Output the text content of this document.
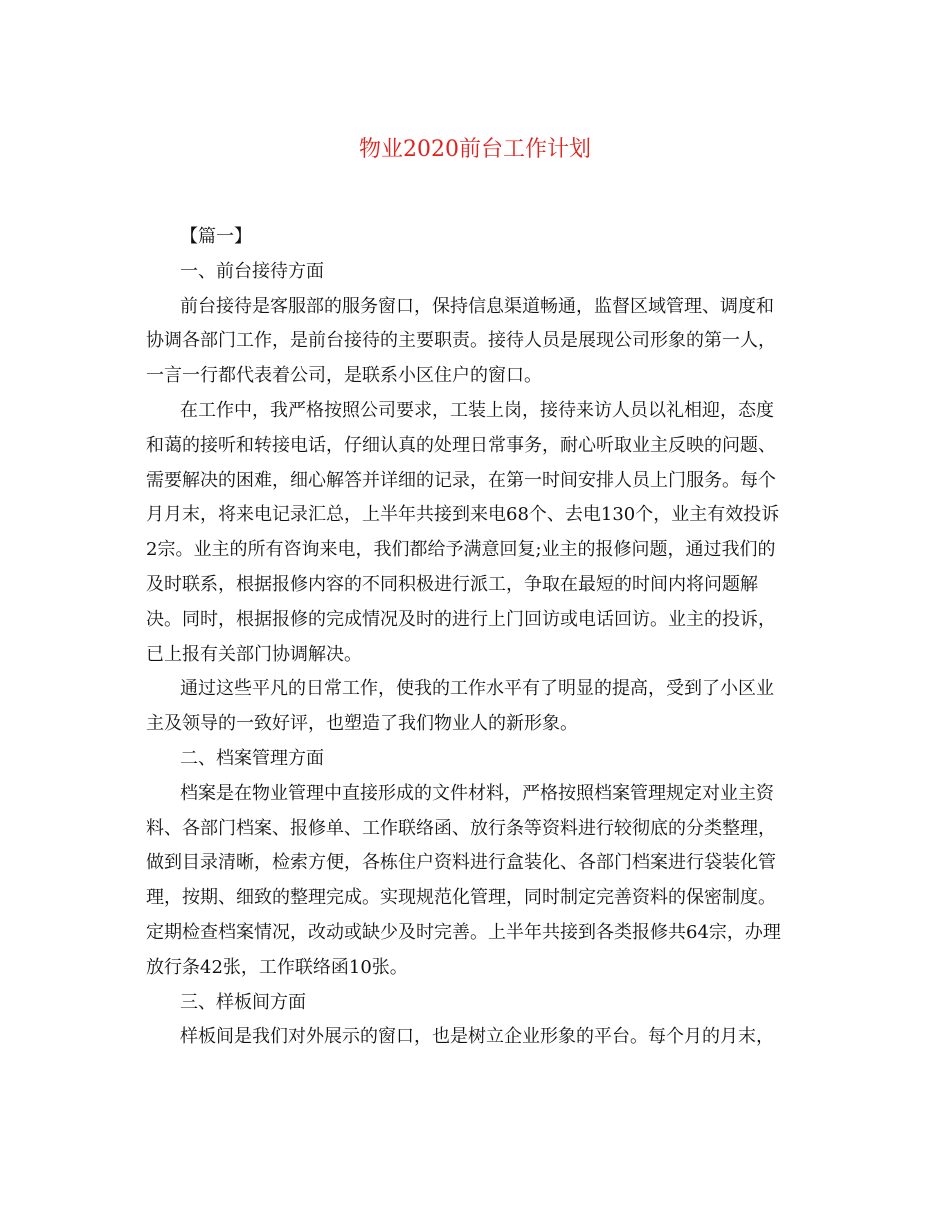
物业2020前台工作计划

【篇一】

一、前台接待方面

前台接待是客服部的服务窗口，保持信息渠道畅通，监督区域管理、调度和

协调各部门工作，是前台接待的主要职责。接待人员是展现公司形象的第一人，

一言一行都代表着公司，是联系小区住户的窗口。

在工作中，我严格按照公司要求，工装上岗，接待来访人员以礼相迎，态度

和蔼的接听和转接电话，仔细认真的处理日常事务，耐心听取业主反映的问题、

需要解决的困难，细心解答并详细的记录，在第一时间安排人员上门服务。每个

月月末，将来电记录汇总，上半年共接到来电68个、去电130个，业主有效投诉

2宗。业主的所有咨询来电，我们都给予满意回复;业主的报修问题，通过我们的

及时联系，根据报修内容的不同积极进行派工，争取在最短的时间内将问题解

决。同时，根据报修的完成情况及时的进行上门回访或电话回访。业主的投诉，

已上报有关部门协调解决。

通过这些平凡的日常工作，使我的工作水平有了明显的提高，受到了小区业

主及领导的一致好评，也塑造了我们物业人的新形象。

二、档案管理方面

档案是在物业管理中直接形成的文件材料，严格按照档案管理规定对业主资

料、各部门档案、报修单、工作联络函、放行条等资料进行较彻底的分类整理，

做到目录清晰，检索方便，各栋住户资料进行盒装化、各部门档案进行袋装化管

理，按期、细致的整理完成。实现规范化管理，同时制定完善资料的保密制度。

定期检查档案情况，改动或缺少及时完善。上半年共接到各类报修共64宗，办理

放行条42张，工作联络函10张。

三、样板间方面

样板间是我们对外展示的窗口，也是树立企业形象的平台。每个月的月末，
